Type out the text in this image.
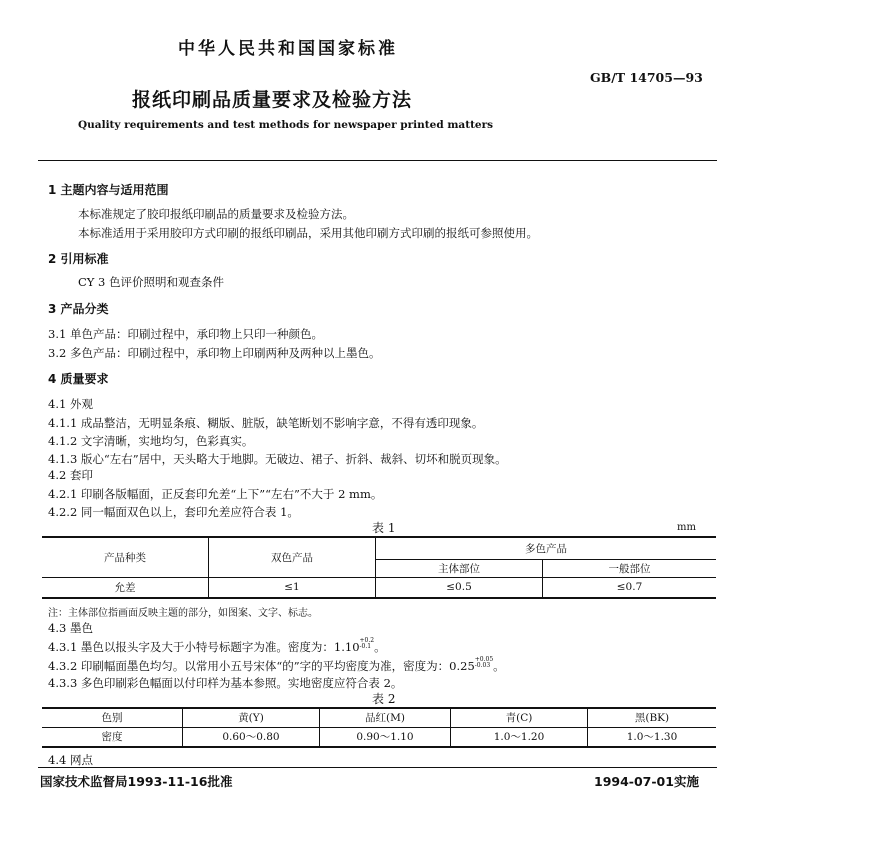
中华人民共和国国家标准
GB/T 14705—93
报纸印刷品质量要求及检验方法
Quality requirements and test methods for newspaper printed matters
1 主题内容与适用范围
本标准规定了胶印报纸印刷品的质量要求及检验方法。
本标准适用于采用胶印方式印刷的报纸印刷品，采用其他印刷方式印刷的报纸可参照使用。
2 引用标准
CY 3 色评价照明和观查条件
3 产品分类
3.1 单色产品：印刷过程中，承印物上只印一种颜色。
3.2 多色产品：印刷过程中，承印物上印刷两种及两种以上墨色。
4 质量要求
4.1 外观
4.1.1 成品整洁，无明显条痕、糊版、脏版，缺笔断划不影响字意，不得有透印现象。
4.1.2 文字清晰，实地均匀，色彩真实。
4.1.3 版心“左右”居中，天头略大于地脚。无破边、裙子、折斜、裁斜、切坏和脱页现象。
4.2 套印
4.2.1 印刷各版幅面，正反套印允差“上下”“左右”不大于 2 mm。
4.2.2 同一幅面双色以上，套印允差应符合表 1。
表 1	mm
产品种类	双色产品	多色产品	
		主体部位	一般部位
允差	≤1	≤0.5	≤0.7
注：主体部位指画面反映主题的部分，如图案、文字、标志。
4.3 墨色
4.3.1 墨色以报头字及大于小特号标题字为准。密度为：1.10+0.2
-0.1 。
4.3.2 印刷幅面墨色均匀。以常用小五号宋体“的”字的平均密度为准，密度为：0.25+0.05
-0.03 。
4.3.3 多色印刷彩色幅面以付印样为基本参照。实地密度应符合表 2。
表 2
色别	黄(Y)	品红(M)	青(C)	黑(BK)
密度	0.60～0.80	0.90～1.10	1.0～1.20	1.0～1.30
4.4 网点
国家技术监督局1993-11-16批准	1994-07-01实施
